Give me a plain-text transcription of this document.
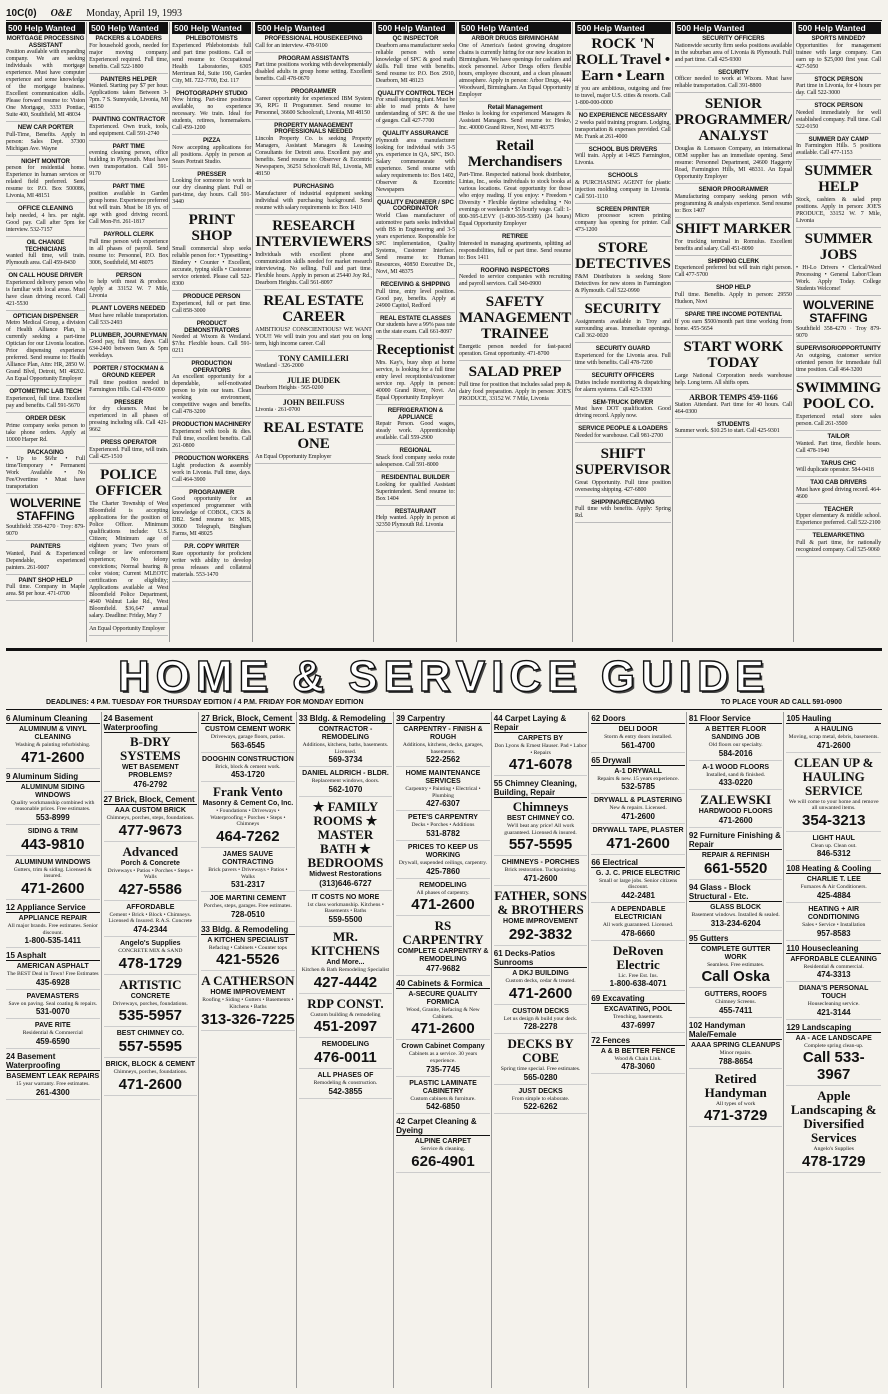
10C(0) O&E Monday, April 19, 1993
500 Help Wanted
MORTGAGE PROCESSING ASSISTANT
Position available with expanding company. We are seeking individuals with mortgage experience. Must have computer experience and some knowledge of the mortgage business. Excellent communication skills. Please forward resume to: Vision One Mortgage, 3333 Pontiac, Suite 400, Southfield, MI 48034
NEW CAR PORTER
Full-Time, Benefits. Apply in person: Sales Dept. 37300 Michigan Ave. Wayne
NIGHT MONITOR
person for residential home. Experience in human services or related field preferred. Send resume to: P.O. Box 500086, Livonia, MI 48151
OFFICE CLEANING
help needed, 4 hrs. per night. Good pay. Call after 5pm for interview. 532-7157
OIL CHANGE TECHNICIANS
wanted full time, will train. Plymouth area. Call 459-8430
ON CALL HOUSE DRIVER
Experienced delivery person who is familiar with local areas. Must have clean driving record. Call 421-5530
OPTICIAN DISPENSER
Metro Medical Group, a division of Health Alliance Plan, is currently seeking a part-time Optician for our Livonia location. Prior dispensing experience preferred. Send resume to: Health Alliance Plan, Attn: HR, 2850 W. Grand Blvd, Detroit, MI 48202. An Equal Opportunity Employer
OPTOMETRIC LAB TECH
Experienced, full time. Excellent pay and benefits. Call 591-5670
ORDER DESK
Prime company seeks person to take phone orders. Apply at 10000 Harper Rd.
PACKAGING
• Up to $6/hr • Full time/Temporary • Permanent Work Available • No Fee/Overtime • Must have transportation
WOLVERINE STAFFING
Southfield: 358-4270 · Troy: 879-9070
PAINTERS
Wanted, Paid & Experienced Dependable, experienced painters. 261-9007
PAINT SHOP HELP
Full time. Company in Maple area. $8 per hour. 471-0700
500 Help Wanted
PACKERS & LOADERS
For household goods, needed for major moving company. Experienced required. Full time, benefits. Call 522-1800
PAINTERS HELPER
Wanted. Starting pay $7 per hour. Applications taken Between 3-7pm. 7 S. Sunnyside, Livonia, MI 48150
PAINTING CONTRACTOR
Experienced. Own truck, tools, and equipment. Call 591-2740
PART TIME
evening cleaning person, office building in Plymouth. Must have own transportation. Call 591-9170
PART TIME
position available in Garden group home. Experience preferred but will train. Must be 18 yrs. of age with good driving record. Call Mon-Fri. 261-1817
PAYROLL CLERK
Full time person with experience in all phases of payroll. Send resume to: Personnel, P.O. Box 3006, Southfield, MI 48075
PERSON
to help with meat & produce. Apply at 33152 W. 7 Mile, Livonia
PLANT LOVERS NEEDED
Must have reliable transportation. Call 533-2493
PLUMBER, JOURNEYMAN
Good pay, full time, days. Call 634-2400 between 9am & 5pm weekdays.
PORTER / STOCKMAN & GROUND KEEPER
Full time position needed in Farmington Hills. Call 478-6000
PRESSER
for dry cleaners. Must be experienced in all phases of pressing including silk. Call 421-9662
PRESS OPERATOR
Experienced. Full time, will train. Call 425-1510
POLICE OFFICER
The Charter Township of West Bloomfield is accepting applications for the position of Police Officer. Minimum qualifications include: U.S. Citizen; Minimum age of eighteen years; Two years of college or law enforcement experience; No felony convictions; Normal hearing & color vision; Current MLEOTC certification or eligibility; Applications available at West Bloomfield Police Department, 4640 Walnut Lake Rd., West Bloomfield. $36,647 annual salary. Deadline: Friday, May 7
An Equal Opportunity Employer
500 Help Wanted
PHLEBOTOMISTS
Experienced Phlebotomists full and part time positions. Call or send resume to: Occupational Health Laboratories, 6305 Merriman Rd, Suite 190, Garden City, MI. 722-7700, Ext. 117
PHOTOGRAPHY STUDIO
Now hiring. Part-time positions available, no experience necessary. We train. Ideal for students, retirees, homemakers. Call 459-1200
PIZZA
Now accepting applications for all positions. Apply in person at Sears Portrait Studio.
PRESSER
Looking for someone to work in our dry cleaning plant. Full or part-time, day hours. Call 591-3440
PRINT SHOP
Small commercial shop seeks reliable person for: • Typesetting • Bindery • Counter • Excellent, accurate, typing skills • Customer service oriented. Please call 522-8300
PRODUCE PERSON
Experienced, full or part time. Call 858-3000
PRODUCT DEMONSTRATORS
Needed at Wixom & Westland. $7/hr. Flexible hours. Call 591-0211
PRODUCTION OPERATORS
An excellent opportunity for a dependable, self-motivated person to join our team. Clean working environment, competitive wages and benefits. Call 478-3200
PRODUCTION MACHINERY
Experienced with tools & dies. Full time, excellent benefits. Call 261-0800
PRODUCTION WORKERS
Light production & assembly work in Livonia. Full time, days. Call 464-3900
PROGRAMMER
Good opportunity for an experienced programmer with knowledge of COBOL, CICS & DB2. Send resume to: MIS, 30600 Telegraph, Bingham Farms, MI 48025
P.R. COPY WRITER
Rare opportunity for proficient writer with ability to develop press releases and collateral materials. 553-1470
500 Help Wanted
PROFESSIONAL HOUSEKEEPING
Call for an interview. 478-9100
PROGRAM ASSISTANTS
Part time positions working with developmentally disabled adults in group home setting. Excellent benefits. Call 478-0670
PROGRAMMER
Career opportunity for experienced IBM System 36, RPG II Programmer. Send resume to: Personnel, 36600 Schoolcraft, Livonia, MI 48150
PROPERTY MANAGEMENT PROFESSIONALS NEEDED
Lincoln Property Co. is seeking Property Managers, Assistant Managers & Leasing Consultants for Detroit area. Excellent pay and benefits. Send resume to: Observer & Eccentric Newspapers, 36251 Schoolcraft Rd., Livonia, MI 48150
PURCHASING
Manufacturer of industrial equipment seeking individual with purchasing background. Send resume with salary requirements to: Box 1410
RESEARCH INTERVIEWERS
Individuals with excellent phone and communication skills needed for market research interviewing. No selling. Full and part time. Flexible hours. Apply in person at 25440 Joy Rd., Dearborn Heights. Call 561-8097
REAL ESTATE CAREER
AMBITIOUS? CONSCIENTIOUS? WE WANT YOU!! We will train you and start you on long term, high income career. Call
TONY CAMILLERI
Westland · 326-2000
JULIE DUDEK
Dearborn Heights · 565-0200
JOHN BEILFUSS
Livonia · 261-0700
REAL ESTATE ONE
An Equal Opportunity Employer
500 Help Wanted
QC INSPECTOR
Dearborn area manufacturer seeks reliable person with some knowledge of SPC & good math skills. Full time with benefits. Send resume to: P.O. Box 2910, Dearborn, MI 48123
QUALITY CONTROL TECH
For small stamping plant. Must be able to read prints & have understanding of SPC & the use of gauges. Call 427-7700
QUALITY ASSURANCE
Plymouth area manufacturer looking for individual with 3-5 yrs. experience in QA, SPC, ISO. Salary commensurate with experience. Send resume with salary requirements to: Box 1402, Observer & Eccentric Newspapers
QUALITY ENGINEER / SPC COORDINATOR
World Class manufacturer of automotive parts seeks individual with BS in Engineering and 3-5 years experience. Responsible for SPC implementation, Quality Systems, Customer Interface. Send resume to: Human Resources, 40850 Executive Dr., Novi, MI 48375
RECEIVING & SHIPPING
Full time, entry level position. Good pay, benefits. Apply at 24900 Capitol, Redford
REAL ESTATE CLASSES
Our students have a 99% pass rate on the state exam. Call 661-8097
Receptionist
Mrs. Kay's, busy shop at home service, is looking for a full time entry level receptionist/customer service rep. Apply in person: 40000 Grand River, Novi. An Equal Opportunity Employer
REFRIGERATION & APPLIANCE
Repair Person. Good wages, steady work. Apprenticeship available. Call 559-2900
REGIONAL
Snack food company seeks route salesperson. Call 591-8000
RESIDENTIAL BUILDER
Looking for qualified Assistant Superintendent. Send resume to: Box 1404
RESTAURANT
Help wanted. Apply in person at 32350 Plymouth Rd. Livonia
500 Help Wanted
ARBOR DRUGS BIRMINGHAM
One of America's fastest growing drugstore chains is currently hiring for our new location in Birmingham. We have openings for cashiers and stock personnel. Arbor Drugs offers flexible hours, employee discount, and a clean pleasant atmosphere. Apply in person: Arbor Drugs, 444 Woodward, Birmingham. An Equal Opportunity Employer
Retail Management
Hesko is looking for experienced Managers & Assistant Managers. Send resume to: Hesko, Inc. 40000 Grand River, Novi, MI 48375
Retail Merchandisers
Part-Time. Respected national book distributor, Lintas, Inc., seeks individuals to stock books at various locations. Great opportunity for those who enjoy reading. If you enjoy: • Freedom • Diversity • Flexible daytime scheduling • No evenings or weekends • $5 hourly wage. Call: 1-800-395-LEVY (1-800-395-5389) (24 hours) Equal Opportunity Employer
RETIREE
Interested in managing apartments, splitting ad responsibilities, full or part time. Send resume to: Box 1411
ROOFING INSPECTORS
Needed to service companies with recruiting and payroll services. Call 340-0900
SAFETY MANAGEMENT TRAINEE
Energetic person needed for fast-paced operation. Great opportunity. 471-8700
SALAD PREP
Full time for position that includes salad prep & dairy food preparation. Apply in person: JOE'S PRODUCE, 33152 W. 7 Mile, Livonia
500 Help Wanted
ROCK 'N ROLL Travel • Earn • Learn
If you are ambitious, outgoing and free to travel, major U.S. cities & resorts. Call 1-800-000-0000
NO EXPERIENCE NECESSARY
2 weeks paid training program. Lodging, transportation & expenses provided. Call Mr. Frank at 261-4000
SCHOOL BUS DRIVERS
Will train. Apply at 14825 Farmington, Livonia.
SCHOOLS
& PURCHASING AGENT for plastic injection molding company in Livonia. Call 591-1110
SCREEN PRINTER
Micro processor screen printing company has opening for printer. Call 473-1200
STORE DETECTIVES
F&M Distributors is seeking Store Detectives for new stores in Farmington & Plymouth. Call 522-0990
SECURITY
Assignments available in Troy and surrounding areas. Immediate openings. Call 362-0020
SECURITY GUARD
Experienced for the Livonia area. Full time with benefits. Call 478-7200
SECURITY OFFICERS
Duties include monitoring & dispatching for alarm systems. Call 425-3300
SEM-TRUCK DRIVER
Must have DOT qualification. Good driving record. Apply now.
SERVICE PEOPLE & LOADERS
Needed for warehouse. Call 981-2700
SHIFT SUPERVISOR
Great Opportunity. Full time position overseeing shipping. 427-6800
SHIPPING/RECEIVING
Full time with benefits. Apply: Spring Rd.
500 Help Wanted
SECURITY OFFICERS
Nationwide security firm seeks positions available in the suburban area of Livonia & Plymouth. Full and part time. Call 425-9300
SECURITY
Officer needed to work at Wixom. Must have reliable transportation. Call 391-8800
SENIOR PROGRAMMER/ ANALYST
Douglas & Lomason Company, an international OEM supplier has an immediate opening. Send resume: Personnel Department, 24600 Haggerty Road, Farmington Hills, MI 48331. An Equal Opportunity Employer
SENIOR PROGRAMMER
Manufacturing company seeking person with programming & analysis experience. Send resume to: Box 1407
SHIFT MARKER
For trucking terminal in Romulus. Excellent benefits and salary. Call 451-8090
SHIPPING CLERK
Experienced preferred but will train right person. Call 477-5700
SHOP HELP
Full time. Benefits. Apply in person: 29550 Hudson, Novi
SPARE TIRE INCOME POTENTIAL
If you earn $500/month part time working from home. 455-5654
START WORK TODAY
Large National Corporation needs warehouse help. Long term. All shifts open.
ARBOR TEMPS 459-1166
Station Attendant. Part time for 40 hours. Call 464-0300
STUDENTS
Summer work. $10.25 to start. Call 425-9301
500 Help Wanted
SPORTS MINDED?
Opportunities for management trainee with large company. Can earn up to $25,000 first year. Call 427-5050
STOCK PERSON
Part time in Livonia, for 4 hours per day. Call 522-3000
STOCK PERSON
Needed immediately for well established company. Full time. Call 522-0150
SUMMER DAY CAMP
In Farmington Hills. 5 positions available. Call 477-1153
SUMMER HELP
Stock, cashiers & salad prep positions. Apply in person: JOE'S PRODUCE, 33152 W. 7 Mile, Livonia
SUMMER JOBS
• Hi-Lo Drivers • Clerical/Word Processing • General Labor/Clean Work. Apply Today. College Students Welcome!
WOLVERINE STAFFING
Southfield 358-4270 · Troy 879-9070
SUPERVISOR/OPPORTUNITY
An outgoing, customer service oriented person for immediate full time position. Call 464-3200
SWIMMING POOL CO.
Experienced retail store sales person. Call 261-3500
TAILOR
Wanted. Part time, flexible hours. Call 478-1940
TARUS CHC
Will duplicate operator. 584-0418
TAXI CAB DRIVERS
Must have good driving record. 464-4600
TEACHER
Upper elementary & middle school. Experience preferred. Call 522-2100
TELEMARKETING
Full & part time, for nationally recognized company. Call 525-9060
HOME & SERVICE GUIDE
DEADLINES: 4 P.M. TUESDAY FOR THURSDAY EDITION / 4 P.M. FRIDAY FOR MONDAY EDITION	TO PLACE YOUR AD CALL 591-0900
6 Aluminum Cleaning
ALUMINUM & VINYL CLEANING
Washing & painting refurbishing.
471-2600
9 Aluminum Siding
ALUMINUM SIDING WINDOWS
Quality workmanship combined with reasonable prices. Free estimates.
553-8999
SIDING & TRIM
443-9810
ALUMINUM WINDOWS
Gutters, trim & siding. Licensed & insured.
471-2600
12 Appliance Service
APPLIANCE REPAIR
All major brands. Free estimates. Senior discount.
1-800-535-1411
15 Asphalt
AMERICAN ASPHALT
The BEST Deal in Town! Free Estimates
435-6928
PAVEMASTERS
Save on paving. Seal coating & repairs.
531-0070
PAVE RITE
Residential & Commercial
459-6590
24 Basement Waterproofing
BASEMENT LEAK REPAIRS
15 year warranty. Free estimates.
261-4300
24 Basement Waterproofing
B-DRY SYSTEMS
WET BASEMENT PROBLEMS?
476-2792
27 Brick, Block, Cement
AAA CUSTOM BRICK
Chimneys, porches, steps, foundations.
477-9673
Advanced
Porch & Concrete
Driveways • Patios • Porches • Steps • Walls
427-5586
AFFORDABLE
Cement • Brick • Block • Chimneys. Licensed & Insured. R.A.S. Concrete
474-2344
Angelo's Supplies
CONCRETE MIX & SAND
478-1729
ARTISTIC
CONCRETE
Driveways, porches, foundations.
535-5957
BEST CHIMNEY CO.
557-5595
BRICK, BLOCK & CEMENT
Chimneys, porches, foundations.
471-2600
27 Brick, Block, Cement
CUSTOM CEMENT WORK
Driveways, garage floors, patios.
563-6545
DOOGHIN CONSTRUCTION
Brick, block & cement work.
453-1720
Frank Vento
Masonry & Cement Co, Inc.
• Foundations • Driveways • Waterproofing • Porches • Steps • Chimneys
464-7262
JAMES SAUVE CONTRACTING
Brick pavers • Driveways • Patios • Walks
531-2317
JOE MARTINI CEMENT
Porches, steps, garages. Free estimates.
728-0510
33 Bldg. & Remodeling
A KITCHEN SPECIALIST
Refacing • Cabinets • Counter tops
421-5526
A CATHERSON
HOME IMPROVEMENT
Roofing • Siding • Gutters • Basements • Kitchens • Baths
313-326-7225
33 Bldg. & Remodeling
CONTRACTOR - REMODELING
Additions, kitchens, baths, basements. Licensed.
569-3734
DANIEL ALDRICH - BLDR.
Replacement windows, doors.
562-1070
★ FAMILY ROOMS ★ MASTER BATH ★ BEDROOMS
Midwest Restorations
(313)646-6727
IT COSTS NO MORE
1st class workmanship. Kitchens • Basements • Baths
559-5500
MR. KITCHENS
And More...
Kitchen & Bath Remodeling Specialist
427-4442
RDP CONST.
Custom building & remodeling
451-2097
REMODELING
476-0011
ALL PHASES OF
Remodeling & construction.
542-3855
39 Carpentry
CARPENTRY - FINISH & ROUGH
Additions, kitchens, decks, garages, basements.
522-2562
HOME MAINTENANCE SERVICES
Carpentry • Painting • Electrical • Plumbing
427-6307
PETE'S CARPENTRY
Decks • Porches • Additions
531-8782
PRICES TO KEEP US WORKING
Drywall, suspended ceilings, carpentry.
425-7860
REMODELING
All phases of carpentry.
471-2600
RS CARPENTRY
COMPLETE CARPENTRY & REMODELING
477-9682
40 Cabinets & Formica
A-SECURE QUALITY FORMICA
Wood, Granite, Refacing & New Cabinets.
471-2600
Crown Cabinet Company
Cabinets as a service. 30 years experience.
735-7745
PLASTIC LAMINATE CABINETRY
Custom cabinets & furniture.
542-6850
42 Carpet Cleaning & Dyeing
ALPINE CARPET
Service & cleaning.
626-4901
44 Carpet Laying & Repair
CARPETS BY
Don Lyons & Ernest Hauser. Pad • Labor • Repairs
471-6078
55 Chimney Cleaning, Building, Repair
Chimneys
BEST CHIMNEY CO.
We'll beat any price! All work guaranteed. Licensed & insured.
557-5595
CHIMNEYS - PORCHES
Brick restoration. Tuckpointing.
471-2600
FATHER, SONS & BROTHERS
HOME IMPROVEMENT
292-3832
61 Decks-Patios Sunrooms
A DKJ BUILDING
Custom decks, cedar & treated.
471-2600
CUSTOM DECKS
Let us design & build your deck.
728-2278
DECKS BY COBE
Spring time special. Free estimates.
565-0280
JUST DECKS
From simple to elaborate.
522-6262
62 Doors
DELI DOOR
Storm & entry doors installed.
561-4700
65 Drywall
A-1 DRYWALL
Repairs & new. 15 years experience.
532-5785
DRYWALL & PLASTERING
New & repairs. Licensed.
471-2600
DRYWALL TAPE, PLASTER
471-2600
66 Electrical
G. J. C. PRICE ELECTRIC
Small or large jobs. Senior citizens discount.
442-2481
A DEPENDABLE ELECTRICIAN
All work guaranteed. Licensed.
478-6660
DeRoven Electric
Lic. Free Est. Ins.
1-800-638-4071
69 Excavating
EXCAVATING, POOL
Trenching, basements.
437-6997
72 Fences
A & B BETTER FENCE
Wood & Chain Link.
478-3060
81 Floor Service
A BETTER FLOOR SANDING JOB
Old floors our specialty.
584-2016
A-1 WOOD FLOORS
Installed, sand & finished.
433-0220
ZALEWSKI
HARDWOOD FLOORS
471-2600
92 Furniture Finishing & Repair
REPAIR & REFINISH
661-5520
94 Glass - Block Structural - Etc.
GLASS BLOCK
Basement windows. Installed & sealed.
313-234-6204
95 Gutters
COMPLETE GUTTER WORK
Seamless. Free estimates.
Call Oska
GUTTERS, ROOFS
Chimney Screens.
455-7411
102 Handyman Male/Female
AAAA SPRING CLEANUPS
Minor repairs.
788-8654
Retired Handyman
All types of work
471-3729
105 Hauling
A HAULING
Moving, scrap metal, debris, basements.
471-2600
CLEAN UP & HAULING SERVICE
We will come to your home and remove all unwanted items.
354-3213
LIGHT HAUL
Clean up. Clean out.
846-5312
108 Heating & Cooling
CHARLIE T. LEE
Furnaces & Air Conditioners.
425-4884
HEATING + AIR CONDITIONING
Sales • Service • Installation
957-8583
110 Housecleaning
AFFORDABLE CLEANING
Residential & commercial.
474-3313
DIANA'S PERSONAL TOUCH
Housecleaning service.
421-3144
129 Landscaping
AA - ACE LANDSCAPE
Complete spring clean-up.
Call 533-3967
Apple Landscaping & Diversified Services
Angelo's Supplies
478-1729
